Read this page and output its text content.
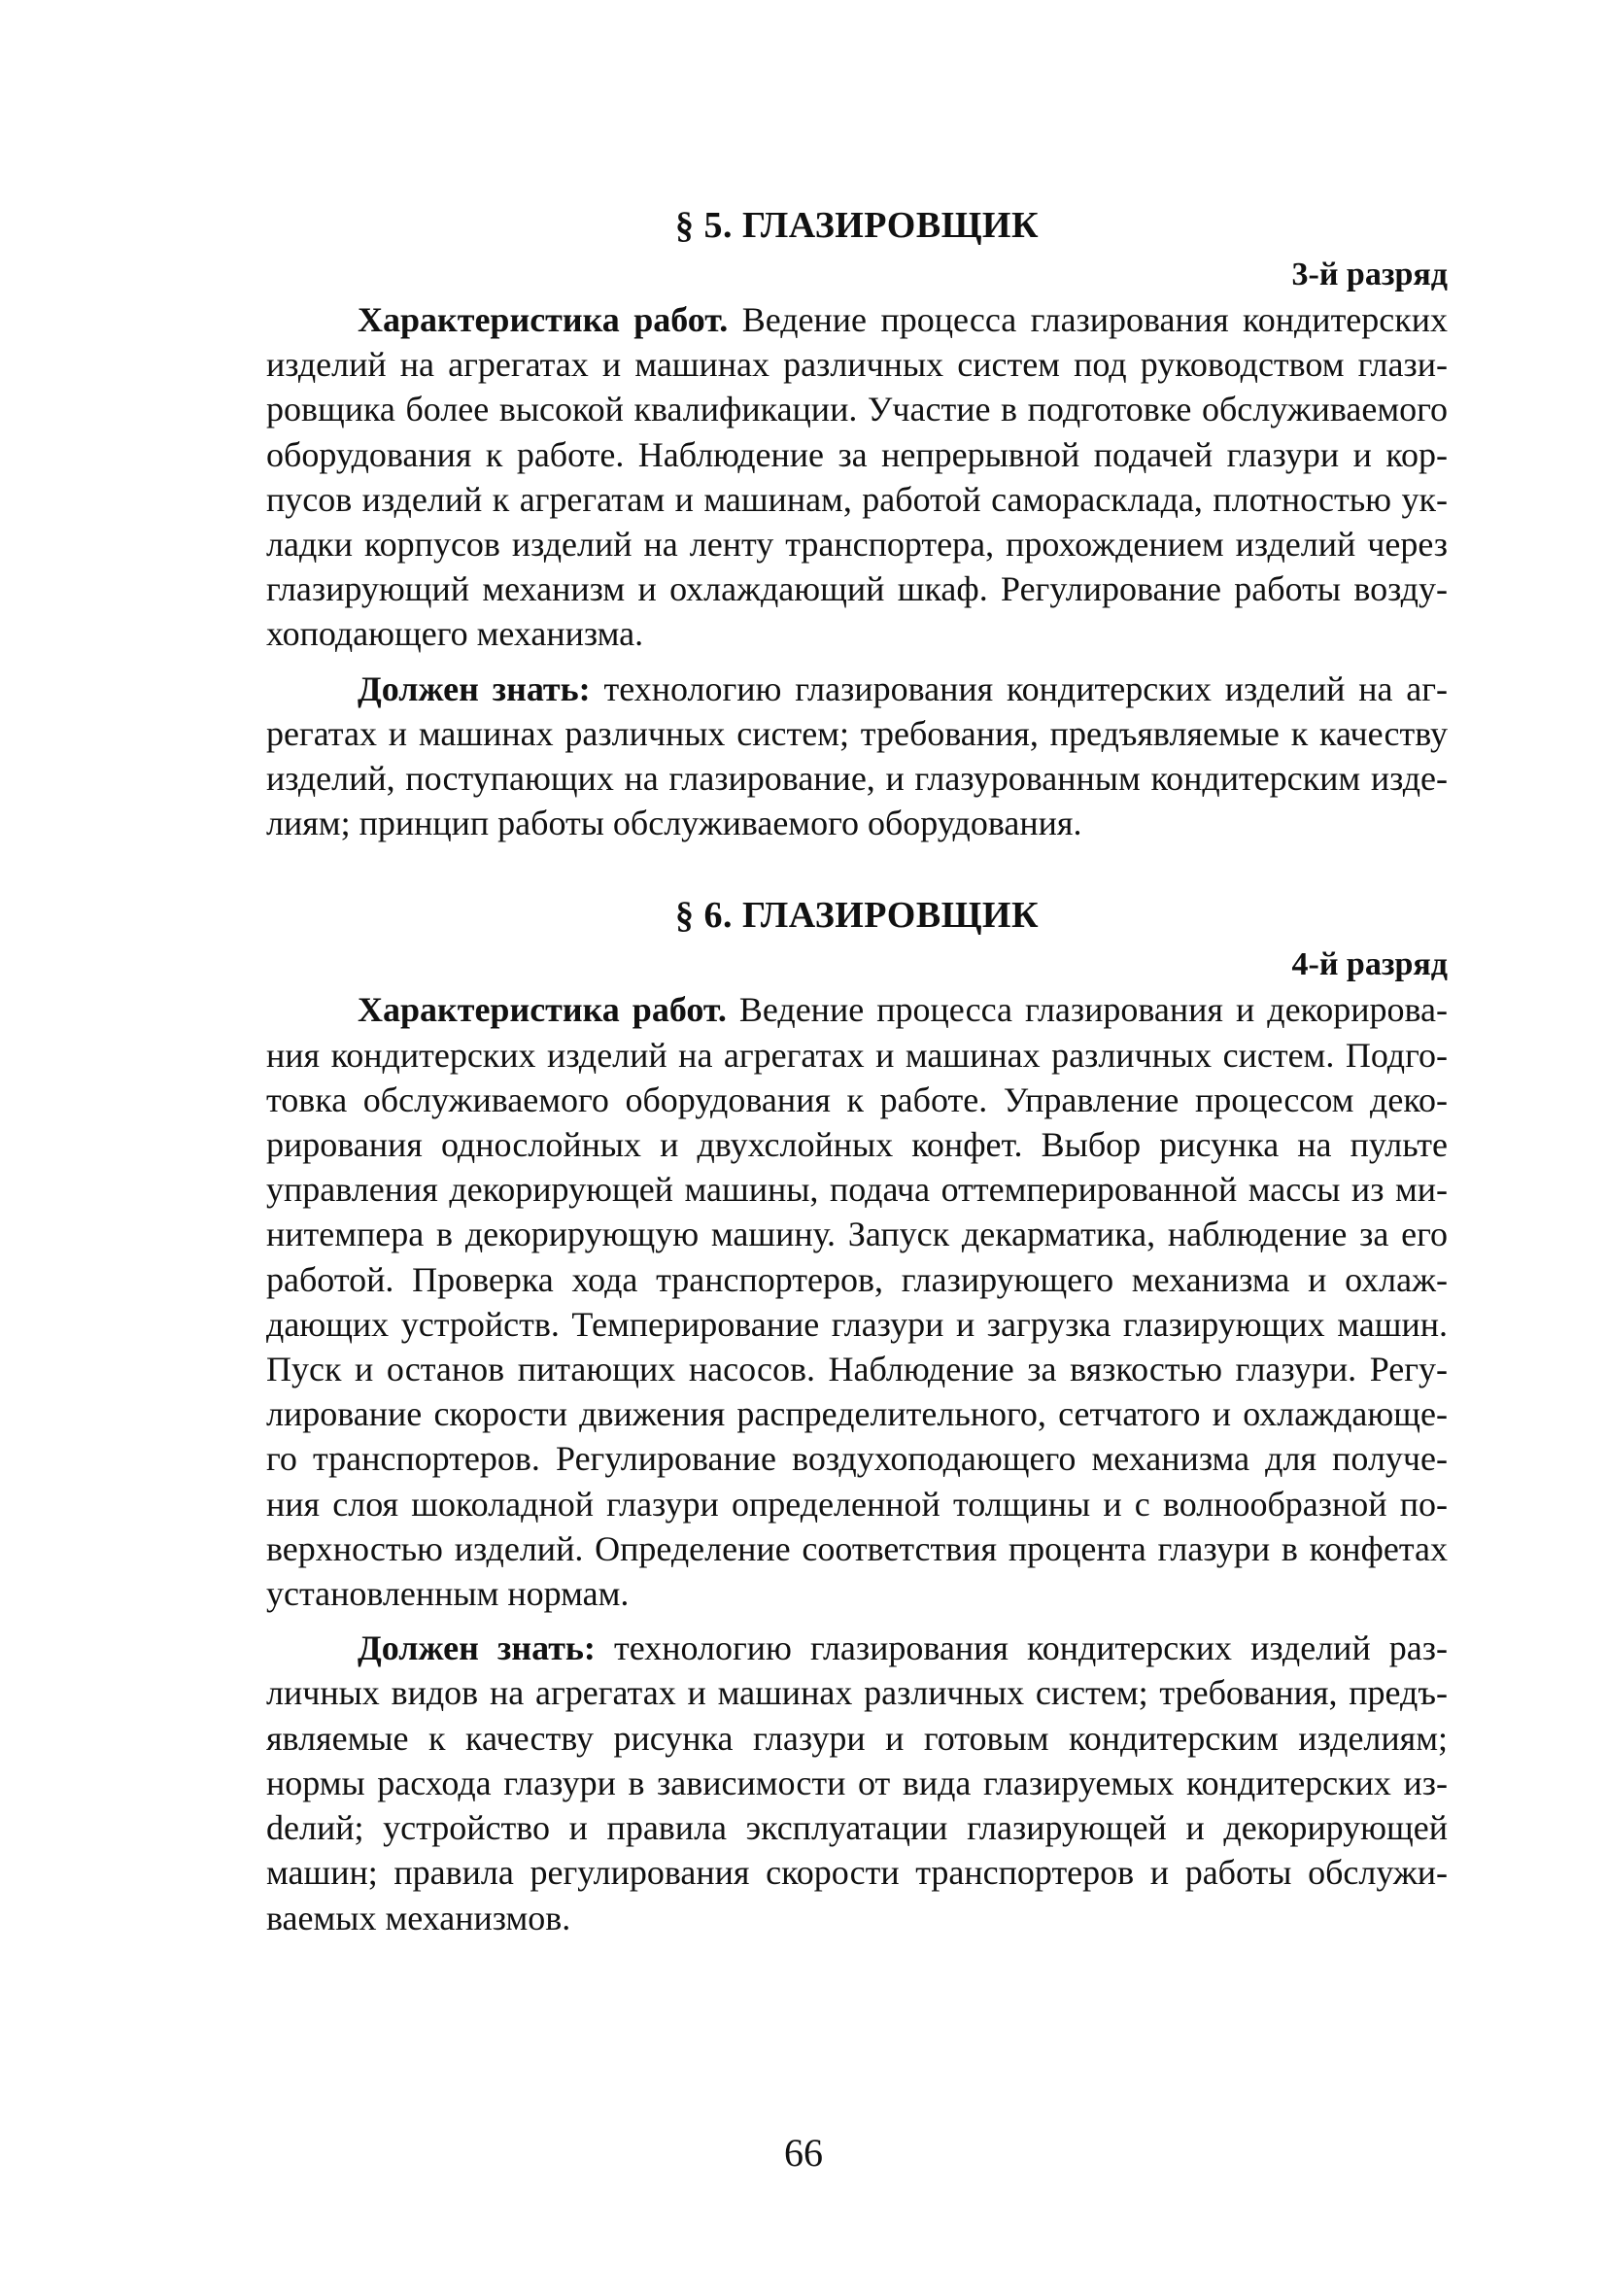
§ 5. ГЛАЗИРОВЩИК
3-й разряд

Характеристика работ. Ведение процесса глазирования кондитерских изделий на агрегатах и машинах различных систем под руководством глазировщика более высокой квалификации. Участие в подготовке обслуживаемого оборудования к работе. Наблюдение за непрерывной подачей глазури и корпусов изделий к агрегатам и машинам, работой саморасклада, плотностью укладки корпусов изделий на ленту транспортера, прохождением изделий через глазирующий механизм и охлаждающий шкаф. Регулирование работы воздухоподающего механизма.

Должен знать: технологию глазирования кондитерских изделий на агрегатах и машинах различных систем; требования, предъявляемые к качеству изделий, поступающих на глазирование, и глазурованным кондитерским изделиям; принцип работы обслуживаемого оборудования.

§ 6. ГЛАЗИРОВЩИК
4-й разряд

Характеристика работ. Ведение процесса глазирования и декорирования кондитерских изделий на агрегатах и машинах различных систем. Подготовка обслуживаемого оборудования к работе. Управление процессом декорирования однослойных и двухслойных конфет. Выбор рисунка на пульте управления декорирующей машины, подача оттемперированной массы из минитемпера в декорирующую машину. Запуск декарматика, наблюдение за его работой. Проверка хода транспортеров, глазирующего механизма и охлаждающих устройств. Темперирование глазури и загрузка глазирующих машин. Пуск и останов питающих насосов. Наблюдение за вязкостью глазури. Регулирование скорости движения распределительного, сетчатого и охлаждающего транспортеров. Регулирование воздухоподающего механизма для получения слоя шоколадной глазури определенной толщины и с волнообразной поверхностью изделий. Определение соответствия процента глазури в конфетах установленным нормам.

Должен знать: технологию глазирования кондитерских изделий различных видов на агрегатах и машинах различных систем; требования, предъявляемые к качеству рисунка глазури и готовым кондитерским изделиям; нормы расхода глазури в зависимости от вида глазируемых кондитерских изdелий; устройство и правила эксплуатации глазирующей и декорирующей машин; правила регулирования скорости транспортеров и работы обслуживаемых механизмов.

66
